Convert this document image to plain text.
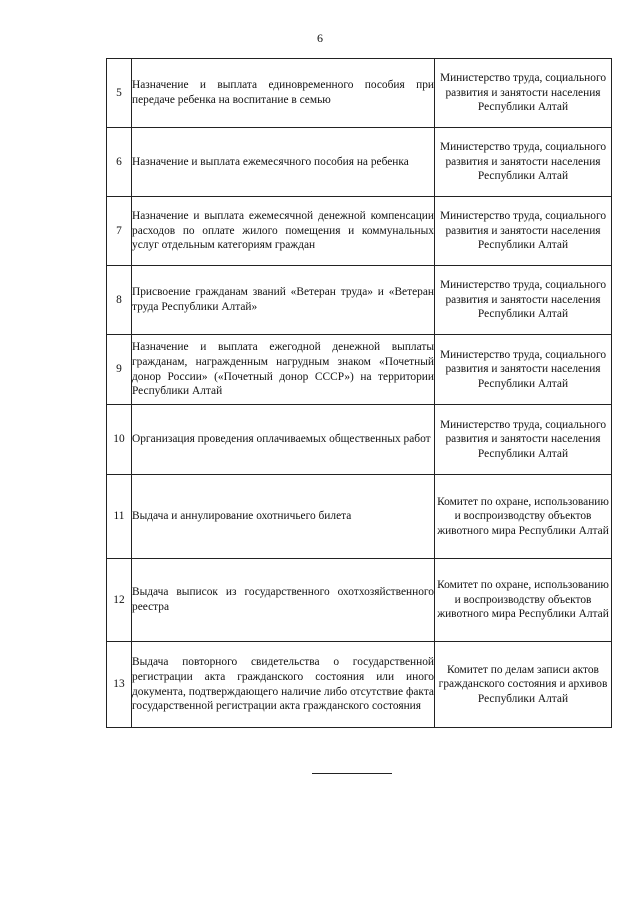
6
5	Назначение и выплата единовременного пособия при передаче ребенка на воспитание в семью	Министерство труда, социального развития и занятости населения Республики Алтай
6	Назначение и выплата ежемесячного пособия на ребенка	Министерство труда, социального развития и занятости населения Республики Алтай
7	Назначение и выплата ежемесячной денежной компенсации расходов по оплате жилого помещения и коммунальных услуг отдельным категориям граждан	Министерство труда, социального развития и занятости населения Республики Алтай
8	Присвоение гражданам званий «Ветеран труда» и «Ветеран труда Республики Алтай»	Министерство труда, социального развития и занятости населения Республики Алтай
9	Назначение и выплата ежегодной денежной выплаты гражданам, награжденным нагрудным знаком «Почетный донор России» («Почетный донор СССР») на территории Республики Алтай	Министерство труда, социального развития и занятости населения Республики Алтай
10	Организация проведения оплачиваемых общественных работ	Министерство труда, социального развития и занятости населения Республики Алтай
11	Выдача и аннулирование охотничьего билета	Комитет по охране, использованию и воспроизводству объектов животного мира Республики Алтай
12	Выдача выписок из государственного охотхозяйственного реестра	Комитет по охране, использованию и воспроизводству объектов животного мира Республики Алтай
13	Выдача повторного свидетельства о государственной регистрации акта гражданского состояния или иного документа, подтверждающего наличие либо отсутствие факта государственной регистрации акта гражданского состояния	Комитет по делам записи актов гражданского состояния и архивов Республики Алтай
